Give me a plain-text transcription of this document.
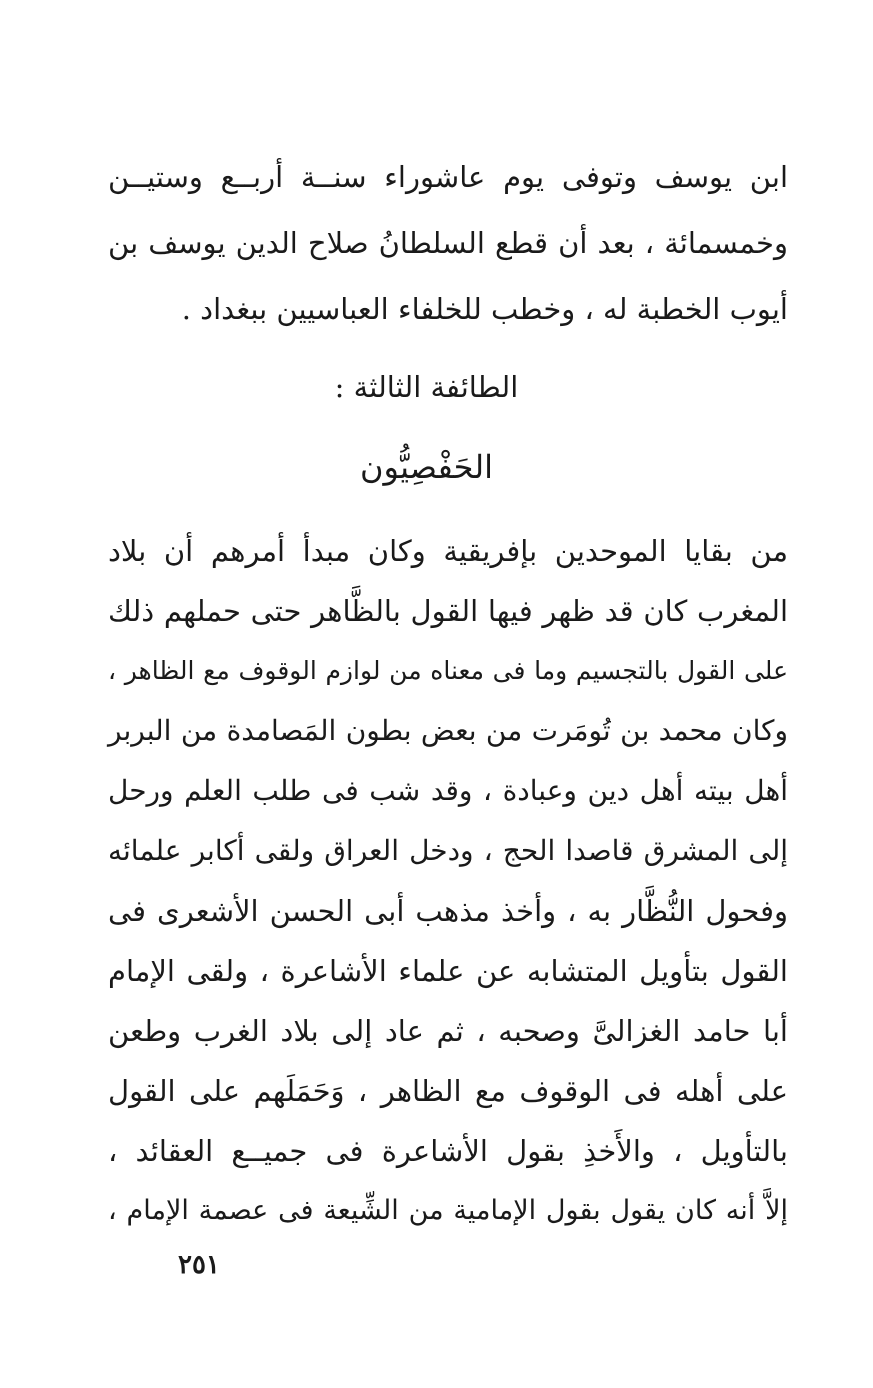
ابن يوسف وتوفى يوم عاشوراء سنــة أربــع وستيــن
وخمسمائة ، بعد أن قطع السلطانُ صلاح الدين يوسف بن
أيوب الخطبة له ، وخطب للخلفاء العباسيين ببغداد .
الطائفة الثالثة :
الحَفْصِيُّون
من بقايا الموحدين بإفريقية وكان مبدأ أمرهم أن بلاد
المغرب كان قد ظهر فيها القول بالظَّاهر حتى حملهم ذلك
على القول بالتجسيم وما فى معناه من لوازم الوقوف مع الظاهر ،
وكان محمد بن تُومَرت من بعض بطون المَصامدة من البربر
أهل بيته أهل دين وعبادة ، وقد شب فى طلب العلم ورحل
إلى المشرق قاصدا الحج ، ودخل العراق ولقى أكابر علمائه
وفحول النُّظَّار به ، وأخذ مذهب أبى الحسن الأشعرى فى
القول بتأويل المتشابه عن علماء الأشاعرة ، ولقى الإمام
أبا حامد الغزالىَّ وصحبه ، ثم عاد إلى بلاد الغرب وطعن
على أهله فى الوقوف مع الظاهر ، وَحَمَلَهم على القول
بالتأويل ، والأَخذِ بقول الأشاعرة فى جميــع العقائد ،
إلاَّ أنه كان يقول بقول الإمامية من الشِّيعة فى عصمة الإمام ،
٢٥١
